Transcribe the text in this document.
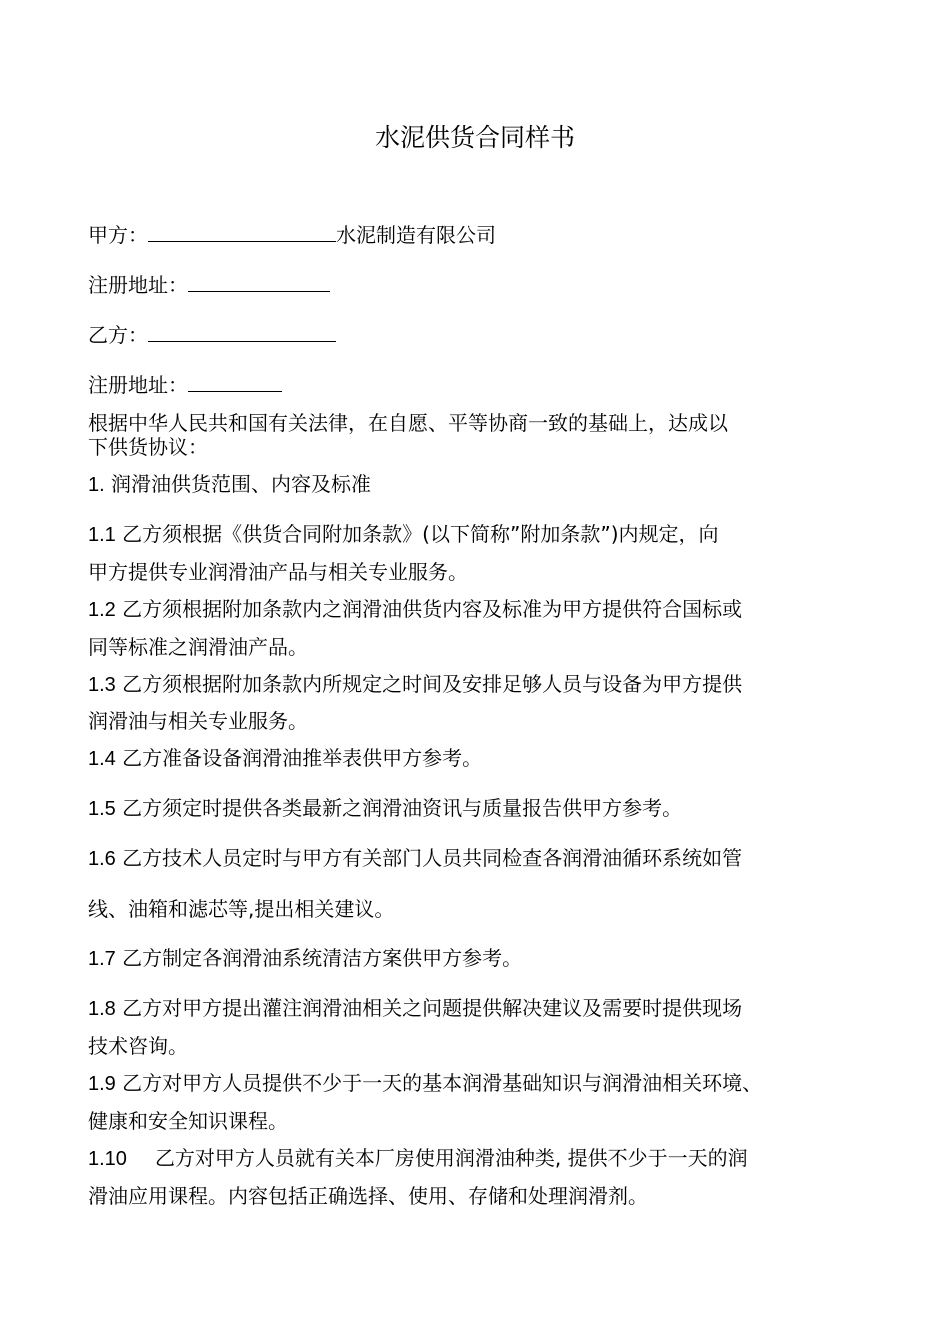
水泥供货合同样书
甲方：	水泥制造有限公司
注册地址：
乙方：
注册地址：
根据中华人民共和国有关法律，在自愿、平等协商一致的基础上，达成以
下供货协议：
1. 润滑油供货范围、内容及标准
1.1 乙方须根据《供货合同附加条款》(以下简称”附加条款”)内规定，向
甲方提供专业润滑油产品与相关专业服务。
1.2 乙方须根据附加条款内之润滑油供货内容及标准为甲方提供符合国标或
同等标准之润滑油产品。
1.3 乙方须根据附加条款内所规定之时间及安排足够人员与设备为甲方提供
润滑油与相关专业服务。
1.4 乙方准备设备润滑油推举表供甲方参考。
1.5 乙方须定时提供各类最新之润滑油资讯与质量报告供甲方参考。
1.6 乙方技术人员定时与甲方有关部门人员共同检查各润滑油循环系统如管
线、油箱和滤芯等,提出相关建议。
1.7 乙方制定各润滑油系统清洁方案供甲方参考。
1.8 乙方对甲方提出灌注润滑油相关之问题提供解决建议及需要时提供现场
技术咨询。
1.9 乙方对甲方人员提供不少于一天的基本润滑基础知识与润滑油相关环境、
健康和安全知识课程。
1.10 乙方对甲方人员就有关本厂房使用润滑油种类, 提供不少于一天的润
滑油应用课程。内容包括正确选择、使用、存储和处理润滑剂。
